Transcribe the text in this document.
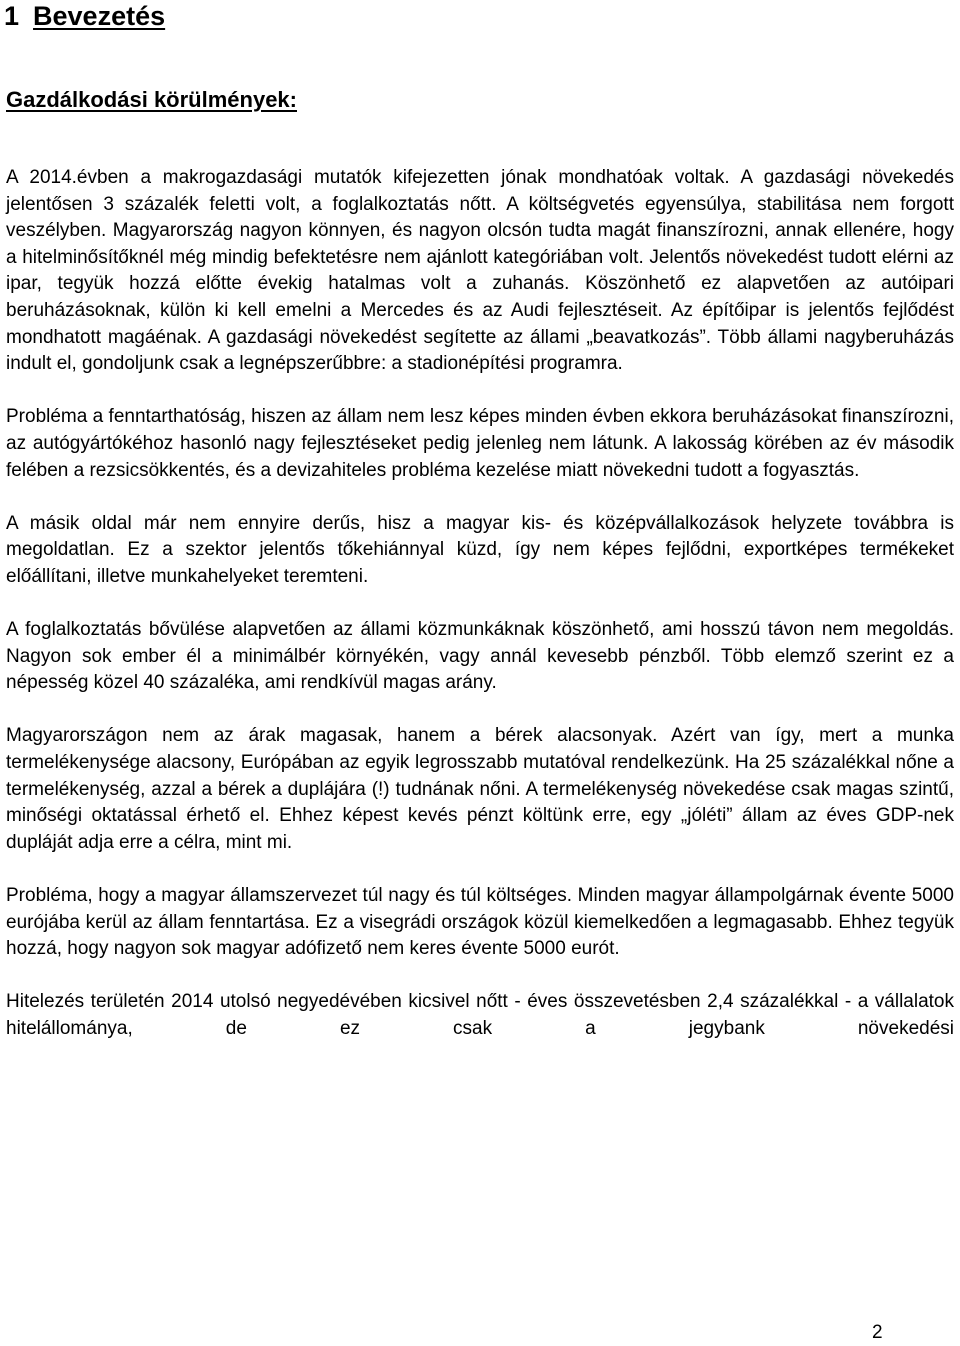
1 Bevezetés
Gazdálkodási körülmények:

A 2014.évben a makrogazdasági mutatók kifejezetten jónak mondhatóak voltak. A gazdasági növekedés jelentősen 3 százalék feletti volt, a foglalkoztatás nőtt. A költségvetés egyensúlya, stabilitása nem forgott veszélyben. Magyarország nagyon könnyen, és nagyon olcsón tudta magát finanszírozni, annak ellenére, hogy a hitelminősítőknél még mindig befektetésre nem ajánlott kategóriában volt. Jelentős növekedést tudott elérni az ipar, tegyük hozzá előtte évekig hatalmas volt a zuhanás. Köszönhető ez alapvetően az autóipari beruházásoknak, külön ki kell emelni a Mercedes és az Audi fejlesztéseit. Az építőipar is jelentős fejlődést mondhatott magáénak. A gazdasági növekedést segítette az állami „beavatkozás”. Több állami nagyberuházás indult el, gondoljunk csak a legnépszerűbbre: a stadionépítési programra.

Probléma a fenntarthatóság, hiszen az állam nem lesz képes minden évben ekkora beruházásokat finanszírozni, az autógyártókéhoz hasonló nagy fejlesztéseket pedig jelenleg nem látunk. A lakosság körében az év második felében a rezsicsökkentés, és a devizahiteles probléma kezelése miatt növekedni tudott a fogyasztás.

A másik oldal már nem ennyire derűs, hisz a magyar kis- és középvállalkozások helyzete továbbra is megoldatlan. Ez a szektor jelentős tőkehiánnyal küzd, így nem képes fejlődni, exportképes termékeket előállítani, illetve munkahelyeket teremteni.

A foglalkoztatás bővülése alapvetően az állami közmunkáknak köszönhető, ami hosszú távon nem megoldás. Nagyon sok ember él a minimálbér környékén, vagy annál kevesebb pénzből. Több elemző szerint ez a népesség közel 40 százaléka, ami rendkívül magas arány.

Magyarországon nem az árak magasak, hanem a bérek alacsonyak. Azért van így, mert a munka termelékenysége alacsony, Európában az egyik legrosszabb mutatóval rendelkezünk. Ha 25 százalékkal nőne a termelékenység, azzal a bérek a duplájára (!) tudnának nőni. A termelékenység növekedése csak magas szintű, minőségi oktatással érhető el. Ehhez képest kevés pénzt költünk erre, egy „jóléti” állam az éves GDP-nek dupláját adja erre a célra, mint mi.

Probléma, hogy a magyar államszervezet túl nagy és túl költséges. Minden magyar állampolgárnak évente 5000 eurójába kerül az állam fenntartása. Ez a visegrádi országok közül kiemelkedően a legmagasabb. Ehhez tegyük hozzá, hogy nagyon sok magyar adófizető nem keres évente 5000 eurót.

Hitelezés területén 2014 utolsó negyedévében kicsivel nőtt - éves összevetésben 2,4 százalékkal - a vállalatok hitelállománya, de ez csak a jegybank növekedési

2
